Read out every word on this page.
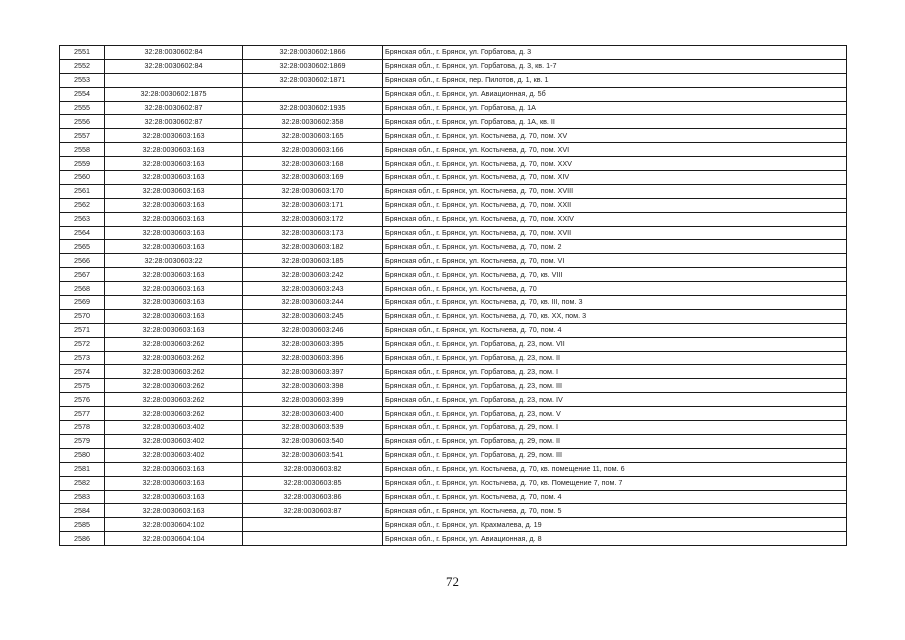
2551	32:28:0030602:84	32:28:0030602:1866	Брянская обл., г. Брянск, ул. Горбатова, д. 3
2552	32:28:0030602:84	32:28:0030602:1869	Брянская обл., г. Брянск, ул. Горбатова, д. 3, кв. 1-7
2553		32:28:0030602:1871	Брянская обл., г. Брянск, пер. Пилотов, д. 1, кв. 1
2554	32:28:0030602:1875		Брянская обл., г. Брянск, ул. Авиационная, д. 5б
2555	32:28:0030602:87	32:28:0030602:1935	Брянская обл., г. Брянск, ул. Горбатова, д. 1А
2556	32:28:0030602:87	32:28:0030602:358	Брянская обл., г. Брянск, ул. Горбатова, д. 1А, кв. II
2557	32:28:0030603:163	32:28:0030603:165	Брянская обл., г. Брянск, ул. Костычева, д. 70, пом. XV
2558	32:28:0030603:163	32:28:0030603:166	Брянская обл., г. Брянск, ул. Костычева, д. 70, пом. XVI
2559	32:28:0030603:163	32:28:0030603:168	Брянская обл., г. Брянск, ул. Костычева, д. 70, пом. XXV
2560	32:28:0030603:163	32:28:0030603:169	Брянская обл., г. Брянск, ул. Костычева, д. 70, пом. XIV
2561	32:28:0030603:163	32:28:0030603:170	Брянская обл., г. Брянск, ул. Костычева, д. 70, пом. XVIII
2562	32:28:0030603:163	32:28:0030603:171	Брянская обл., г. Брянск, ул. Костычева, д. 70, пом. XXII
2563	32:28:0030603:163	32:28:0030603:172	Брянская обл., г. Брянск, ул. Костычева, д. 70, пом. XXIV
2564	32:28:0030603:163	32:28:0030603:173	Брянская обл., г. Брянск, ул. Костычева, д. 70, пом. XVII
2565	32:28:0030603:163	32:28:0030603:182	Брянская обл., г. Брянск, ул. Костычева, д. 70, пом. 2
2566	32:28:0030603:22	32:28:0030603:185	Брянская обл., г. Брянск, ул. Костычева, д. 70, пом. VI
2567	32:28:0030603:163	32:28:0030603:242	Брянская обл., г. Брянск, ул. Костычева, д. 70, кв. VIII
2568	32:28:0030603:163	32:28:0030603:243	Брянская обл., г. Брянск, ул. Костычева, д. 70
2569	32:28:0030603:163	32:28:0030603:244	Брянская обл., г. Брянск, ул. Костычева, д. 70, кв. III, пом. 3
2570	32:28:0030603:163	32:28:0030603:245	Брянская обл., г. Брянск, ул. Костычева, д. 70, кв. XX, пом. 3
2571	32:28:0030603:163	32:28:0030603:246	Брянская обл., г. Брянск, ул. Костычева, д. 70, пом. 4
2572	32:28:0030603:262	32:28:0030603:395	Брянская обл., г. Брянск, ул. Горбатова, д. 23, пом. VII
2573	32:28:0030603:262	32:28:0030603:396	Брянская обл., г. Брянск, ул. Горбатова, д. 23, пом. II
2574	32:28:0030603:262	32:28:0030603:397	Брянская обл., г. Брянск, ул. Горбатова, д. 23, пом. I
2575	32:28:0030603:262	32:28:0030603:398	Брянская обл., г. Брянск, ул. Горбатова, д. 23, пом. III
2576	32:28:0030603:262	32:28:0030603:399	Брянская обл., г. Брянск, ул. Горбатова, д. 23, пом. IV
2577	32:28:0030603:262	32:28:0030603:400	Брянская обл., г. Брянск, ул. Горбатова, д. 23, пом. V
2578	32:28:0030603:402	32:28:0030603:539	Брянская обл., г. Брянск, ул. Горбатова, д. 29, пом. I
2579	32:28:0030603:402	32:28:0030603:540	Брянская обл., г. Брянск, ул. Горбатова, д. 29, пом. II
2580	32:28:0030603:402	32:28:0030603:541	Брянская обл., г. Брянск, ул. Горбатова, д. 29, пом. III
2581	32:28:0030603:163	32:28:0030603:82	Брянская обл., г. Брянск, ул. Костычева, д. 70, кв. помещение 11, пом. 6
2582	32:28:0030603:163	32:28:0030603:85	Брянская обл., г. Брянск, ул. Костычева, д. 70, кв. Помещение 7, пом. 7
2583	32:28:0030603:163	32:28:0030603:86	Брянская обл., г. Брянск, ул. Костычева, д. 70, пом. 4
2584	32:28:0030603:163	32:28:0030603:87	Брянская обл., г. Брянск, ул. Костычева, д. 70, пом. 5
2585	32:28:0030604:102		Брянская обл., г. Брянск, ул. Крахмалева, д. 19
2586	32:28:0030604:104		Брянская обл., г. Брянск, ул. Авиационная, д. 8
72
